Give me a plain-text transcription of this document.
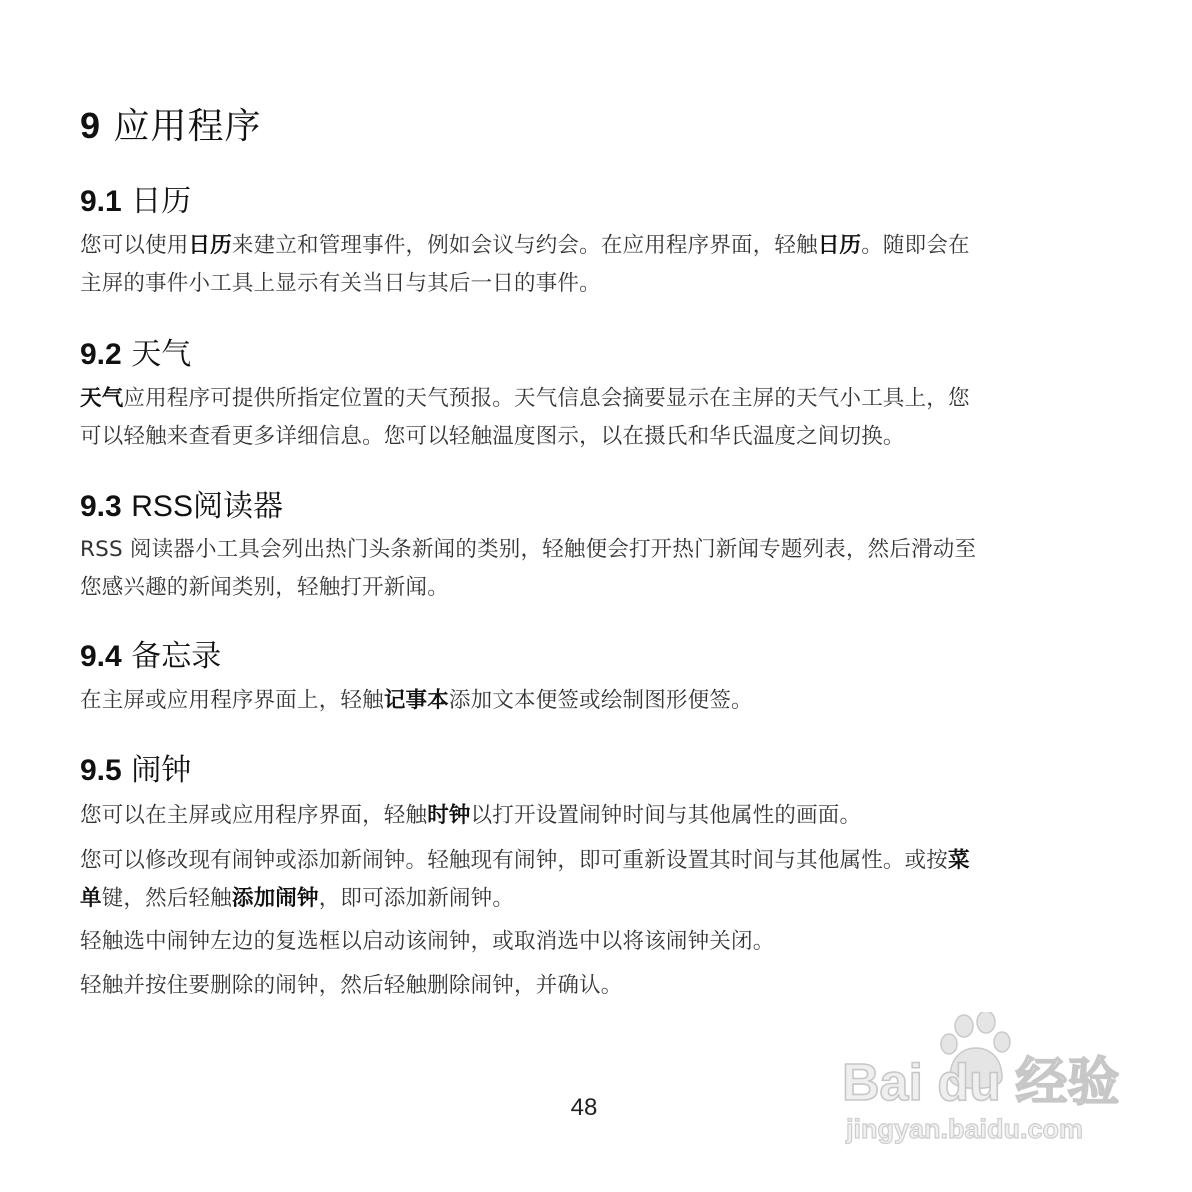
9 应用程序
9.1 日历

您可以使用日历来建立和管理事件，例如会议与约会。在应用程序界面，轻触日历。随即会在
主屏的事件小工具上显示有关当日与其后一日的事件。

9.2 天气

天气应用程序可提供所指定位置的天气预报。天气信息会摘要显示在主屏的天气小工具上，您
可以轻触来查看更多详细信息。您可以轻触温度图示，以在摄氏和华氏温度之间切换。

9.3 RSS阅读器

RSS 阅读器小工具会列出热门头条新闻的类别，轻触便会打开热门新闻专题列表，然后滑动至
您感兴趣的新闻类别，轻触打开新闻。

9.4 备忘录

在主屏或应用程序界面上，轻触记事本添加文本便签或绘制图形便签。

9.5 闹钟

您可以在主屏或应用程序界面，轻触时钟以打开设置闹钟时间与其他属性的画面。

您可以修改现有闹钟或添加新闹钟。轻触现有闹钟，即可重新设置其时间与其他属性。或按菜
单键，然后轻触添加闹钟，即可添加新闹钟。

轻触选中闹钟左边的复选框以启动该闹钟，或取消选中以将该闹钟关闭。

轻触并按住要删除的闹钟，然后轻触删除闹钟，并确认。

48	Bai du 经验
jingyan.baidu.com
